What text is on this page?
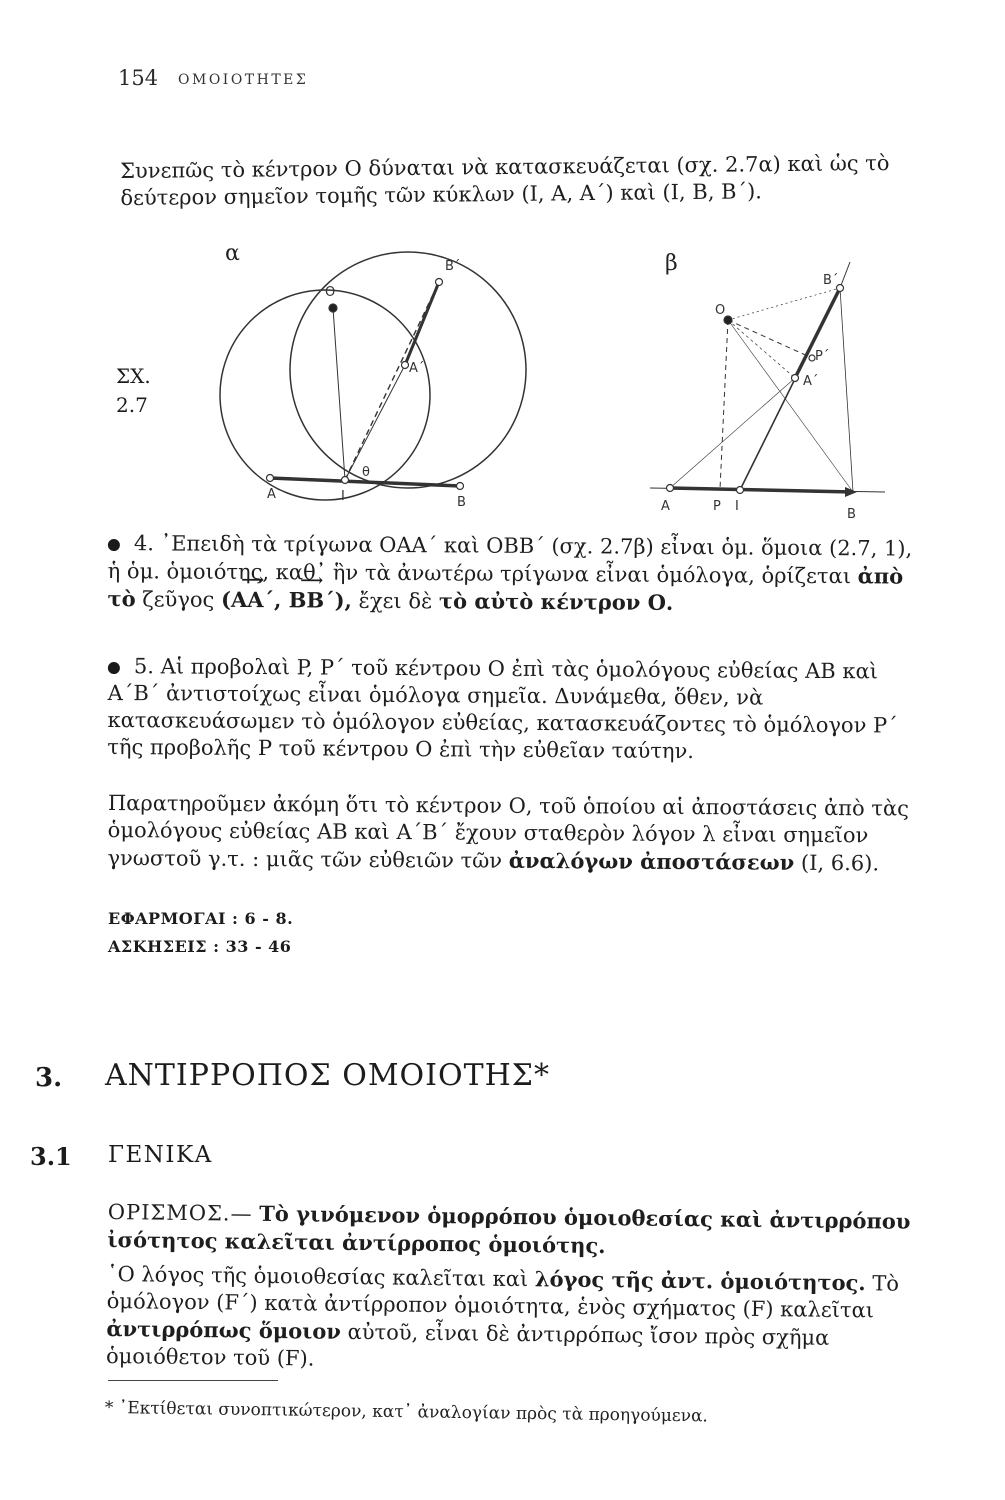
154 ΟΜΟΙΟΤΗΤΕΣ
Συνεπῶς τὸ κέντρον Ο δύναται νὰ κατασκευάζεται (σχ. 2.7α) καὶ ὡς τὸ δεύτερον σημεῖον τομῆς τῶν κύκλων (I, A, A΄) καὶ (I, B, B΄).
ΣΧ.
2.7
α
B΄
O
A΄
θ
A	I	B
β
O
B΄
P΄
A΄
A	P I
B
4. ᾿Επειδὴ τὰ τρίγωνα ΟΑΑ΄ καὶ ΟΒΒ΄ (σχ. 2.7β) εἶναι ὁμ. ὅμοια (2.7, 1), ἡ ὁμ. ὁμοιότης, καθ᾿ ἣν τὰ ἀνωτέρω τρίγωνα εἶναι ὁμόλογα, ὁρίζεται ἀπὸ τὸ ζεῦγος (⟶ AA΄, ⟶ BB΄), ἔχει δὲ τὸ αὐτὸ κέντρον Ο.
5. Αἱ προβολαὶ P, P΄ τοῦ κέντρου Ο ἐπὶ τὰς ὁμολόγους εὐθείας ΑΒ καὶ Α΄Β΄ ἀντιστοίχως εἶναι ὁμόλογα σημεῖα. Δυνάμεθα, ὅθεν, νὰ κατασκευάσωμεν τὸ ὁμόλογον εὐθείας, κατασκευάζοντες τὸ ὁμόλογον P΄ τῆς προβολῆς P τοῦ κέντρου Ο ἐπὶ τὴν εὐθεῖαν ταύτην.
Παρατηροῦμεν ἀκόμη ὅτι τὸ κέντρον Ο, τοῦ ὁποίου αἱ ἀποστάσεις ἀπὸ τὰς ὁμολόγους εὐθείας ΑΒ καὶ Α΄Β΄ ἔχουν σταθερὸν λόγον λ εἶναι σημεῖον γνωστοῦ γ.τ. : μιᾶς τῶν εὐθειῶν τῶν ἀναλόγων ἀποστάσεων (I, 6.6).
ΕΦΑΡΜΟΓΑΙ : 6 - 8.
ΑΣΚΗΣΕΙΣ : 33 - 46
3. ΑΝΤΙΡΡΟΠΟΣ ΟΜΟΙΟΤΗΣ*
3.1 ΓΕΝΙΚΑ
ΟΡΙΣΜΟΣ.— Τὸ γινόμενον ὁμορρόπου ὁμοιοθεσίας καὶ ἀντιρρόπου ἰσότητος καλεῖται ἀντίρροπος ὁμοιότης.
῾Ο λόγος τῆς ὁμοιοθεσίας καλεῖται καὶ λόγος τῆς ἀντ. ὁμοιότητος. Τὸ ὁμόλογον (F΄) κατὰ ἀντίρροπον ὁμοιότητα, ἑνὸς σχήματος (F) καλεῖται ἀντιρρόπως ὅμοιον αὐτοῦ, εἶναι δὲ ἀντιρρόπως ἴσον πρὸς σχῆμα ὁμοιόθετον τοῦ (F).
* ᾿Εκτίθεται συνοπτικώτερον, κατ᾿ ἀναλογίαν πρὸς τὰ προηγούμενα.
